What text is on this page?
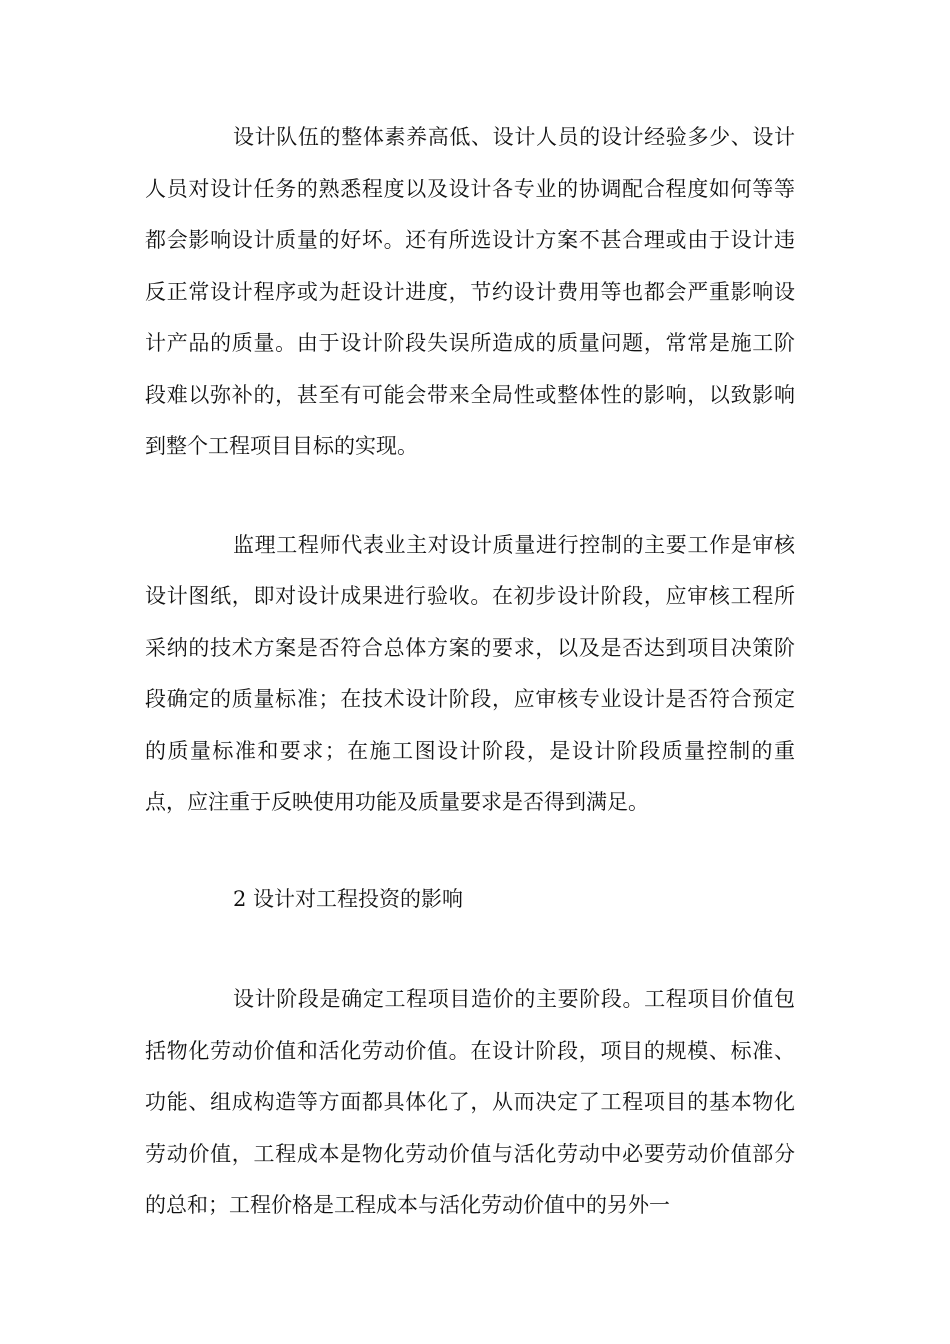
设计队伍的整体素养高低、设计人员的设计经验多少、设计人员对设计任务的熟悉程度以及设计各专业的协调配合程度如何等等都会影响设计质量的好坏。还有所选设计方案不甚合理或由于设计违反正常设计程序或为赶设计进度，节约设计费用等也都会严重影响设计产品的质量。由于设计阶段失误所造成的质量问题，常常是施工阶段难以弥补的，甚至有可能会带来全局性或整体性的影响，以致影响到整个工程项目目标的实现。

监理工程师代表业主对设计质量进行控制的主要工作是审核设计图纸，即对设计成果进行验收。在初步设计阶段，应审核工程所采纳的技术方案是否符合总体方案的要求，以及是否达到项目决策阶段确定的质量标准；在技术设计阶段，应审核专业设计是否符合预定的质量标准和要求；在施工图设计阶段，是设计阶段质量控制的重点，应注重于反映使用功能及质量要求是否得到满足。

2 设计对工程投资的影响

设计阶段是确定工程项目造价的主要阶段。工程项目价值包括物化劳动价值和活化劳动价值。在设计阶段，项目的规模、标准、功能、组成构造等方面都具体化了，从而决定了工程项目的基本物化劳动价值，工程成本是物化劳动价值与活化劳动中必要劳动价值部分的总和；工程价格是工程成本与活化劳动价值中的另外一
